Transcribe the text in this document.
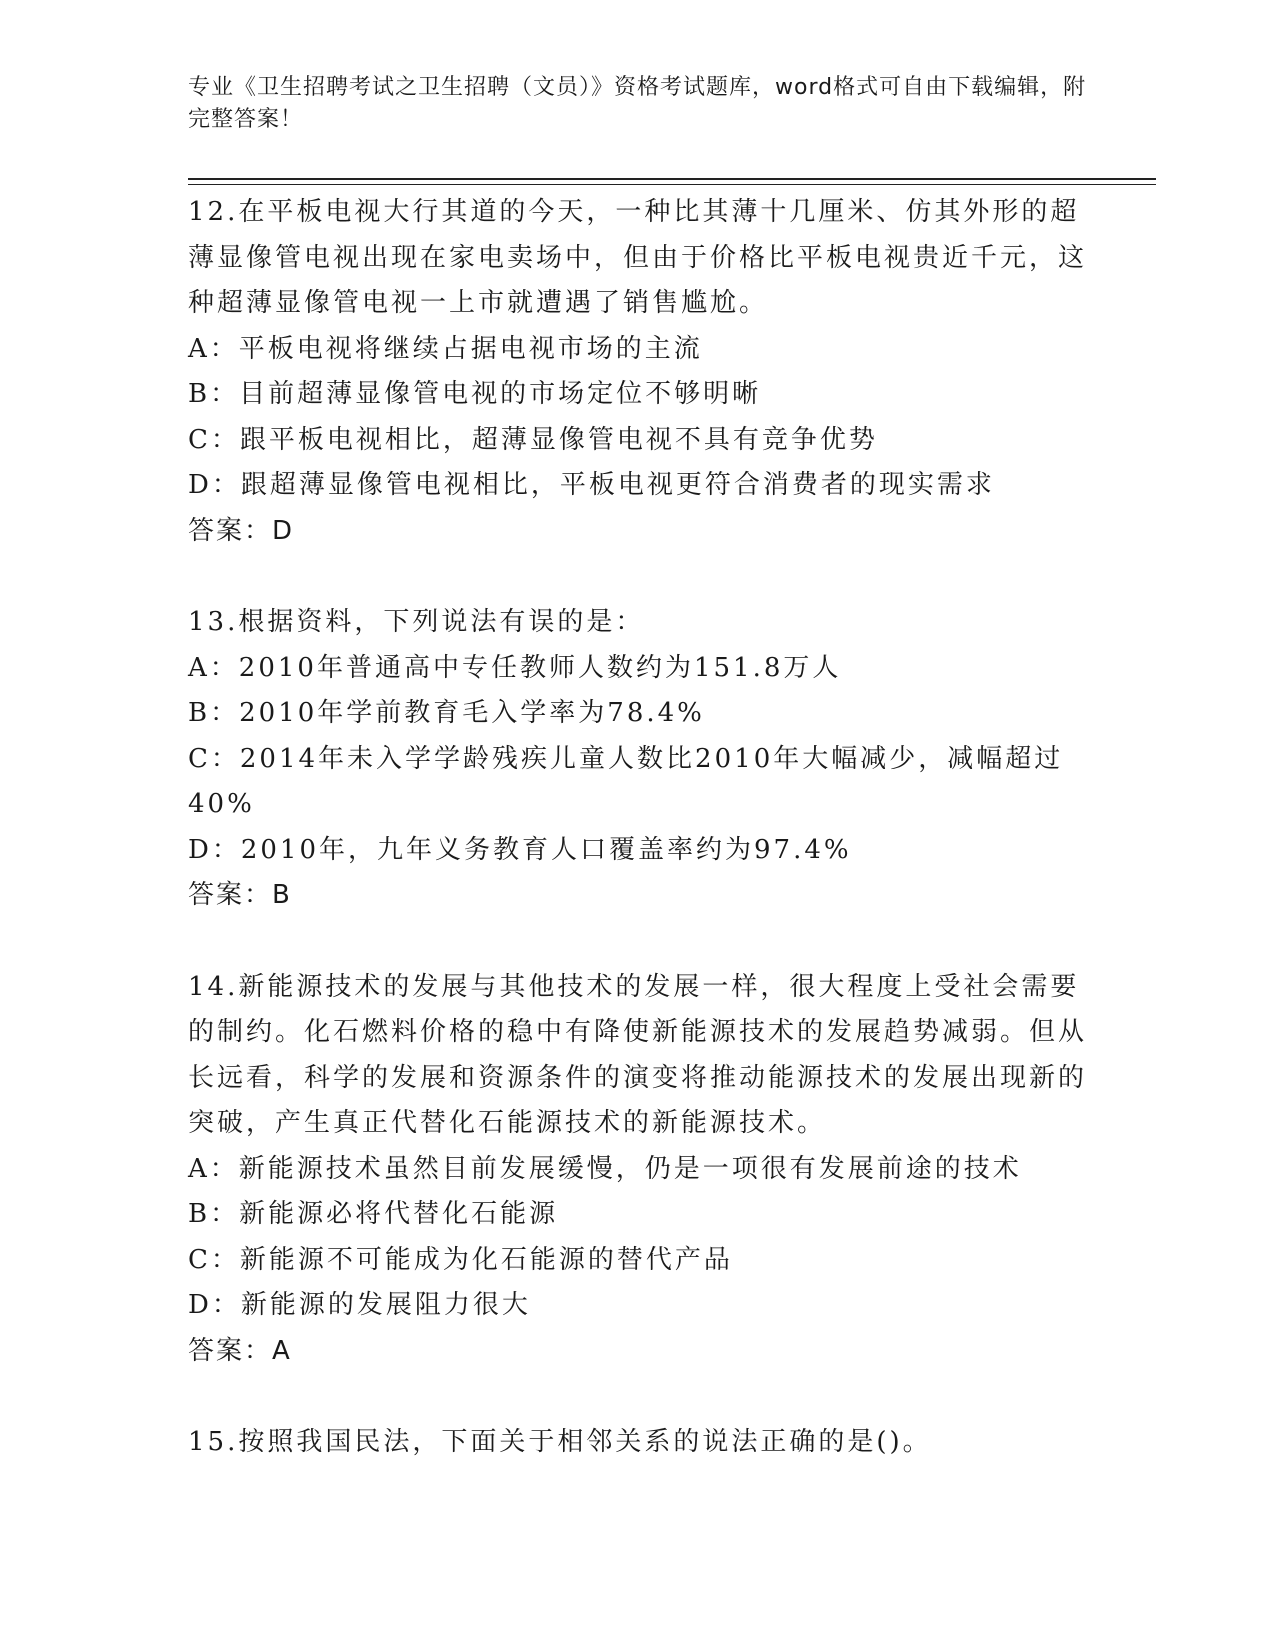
专业《卫生招聘考试之卫生招聘（文员）》资格考试题库，word格式可自由下载编辑，附完整答案！

12.在平板电视大行其道的今天，一种比其薄十几厘米、仿其外形的超薄显像管电视出现在家电卖场中，但由于价格比平板电视贵近千元，这种超薄显像管电视一上市就遭遇了销售尴尬。

A：平板电视将继续占据电视市场的主流

B：目前超薄显像管电视的市场定位不够明晰

C：跟平板电视相比，超薄显像管电视不具有竞争优势

D：跟超薄显像管电视相比，平板电视更符合消费者的现实需求

答案：D

13.根据资料，下列说法有误的是：

A：2010年普通高中专任教师人数约为151.8万人

B：2010年学前教育毛入学率为78.4%

C：2014年未入学学龄残疾儿童人数比2010年大幅减少，减幅超过40%

D：2010年，九年义务教育人口覆盖率约为97.4%

答案：B

14.新能源技术的发展与其他技术的发展一样，很大程度上受社会需要的制约。化石燃料价格的稳中有降使新能源技术的发展趋势减弱。但从长远看，科学的发展和资源条件的演变将推动能源技术的发展出现新的突破，产生真正代替化石能源技术的新能源技术。

A：新能源技术虽然目前发展缓慢，仍是一项很有发展前途的技术

B：新能源必将代替化石能源

C：新能源不可能成为化石能源的替代产品

D：新能源的发展阻力很大

答案：A

15.按照我国民法，下面关于相邻关系的说法正确的是()。
